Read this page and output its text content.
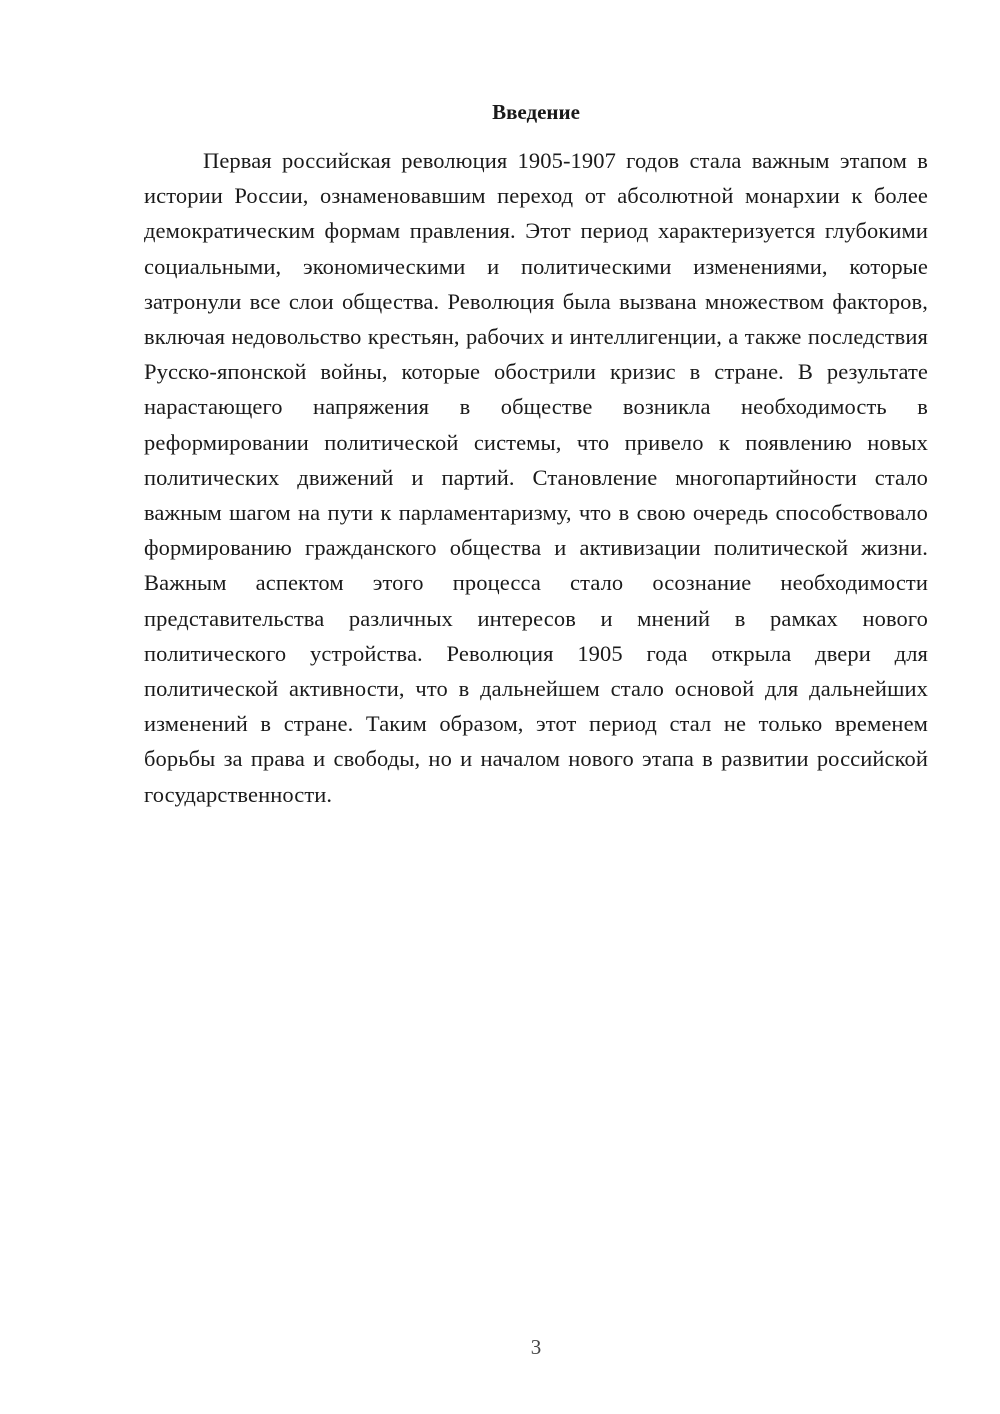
Введение

Первая российская революция 1905-1907 годов стала важным этапом в истории России, ознаменовавшим переход от абсолютной монархии к более демократическим формам правления. Этот период характеризуется глубокими социальными, экономическими и политическими изменениями, которые затронули все слои общества. Революция была вызвана множеством факторов, включая недовольство крестьян, рабочих и интеллигенции, а также последствия Русско-японской войны, которые обострили кризис в стране. В результате нарастающего напряжения в обществе возникла необходимость в реформировании политической системы, что привело к появлению новых политических движений и партий. Становление многопартийности стало важным шагом на пути к парламентаризму, что в свою очередь способствовало формированию гражданского общества и активизации политической жизни. Важным аспектом этого процесса стало осознание необходимости представительства различных интересов и мнений в рамках нового политического устройства. Революция 1905 года открыла двери для политической активности, что в дальнейшем стало основой для дальнейших изменений в стране. Таким образом, этот период стал не только временем борьбы за права и свободы, но и началом нового этапа в развитии российской государственности.

3
